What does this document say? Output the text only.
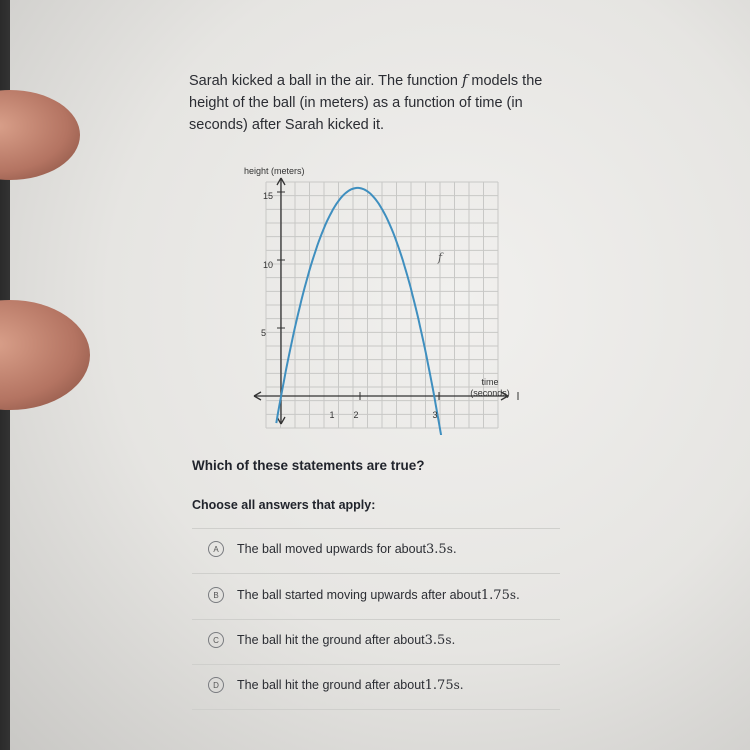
Sarah kicked a ball in the air. The function f models the height of the ball (in meters) as a function of time (in seconds) after Sarah kicked it.
height (meters)
time
(seconds)
f
5
10
15
1 2	3
Which of these statements are true?
Choose all answers that apply:
A	The ball moved upwards for about 3.5 s.
B	The ball started moving upwards after about 1.75 s.
C	The ball hit the ground after about 3.5 s.
D	The ball hit the ground after about 1.75 s.
